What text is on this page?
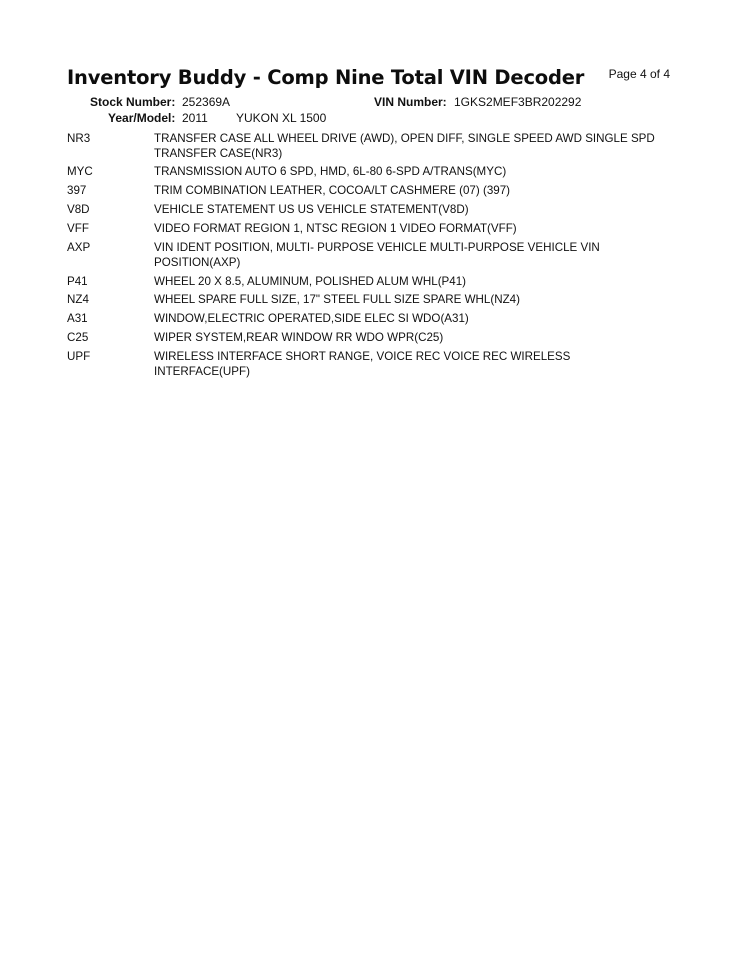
Inventory Buddy - Comp Nine Total VIN Decoder Page 4 of 4
Stock Number: 252369A	VIN Number: 1GKS2MEF3BR202292
Year/Model: 2011 YUKON XL 1500
NR3	TRANSFER CASE ALL WHEEL DRIVE (AWD), OPEN DIFF, SINGLE SPEED AWD SINGLE SPD TRANSFER CASE(NR3)
MYC	TRANSMISSION AUTO 6 SPD, HMD, 6L-80 6-SPD A/TRANS(MYC)
397	TRIM COMBINATION LEATHER, COCOA/LT CASHMERE (07) (397)
V8D	VEHICLE STATEMENT US US VEHICLE STATEMENT(V8D)
VFF	VIDEO FORMAT REGION 1, NTSC REGION 1 VIDEO FORMAT(VFF)
AXP	VIN IDENT POSITION, MULTI- PURPOSE VEHICLE MULTI-PURPOSE VEHICLE VIN POSITION(AXP)
P41	WHEEL 20 X 8.5, ALUMINUM, POLISHED ALUM WHL(P41)
NZ4	WHEEL SPARE FULL SIZE, 17" STEEL FULL SIZE SPARE WHL(NZ4)
A31	WINDOW,ELECTRIC OPERATED,SIDE ELEC SI WDO(A31)
C25	WIPER SYSTEM,REAR WINDOW RR WDO WPR(C25)
UPF	WIRELESS INTERFACE SHORT RANGE, VOICE REC VOICE REC WIRELESS INTERFACE(UPF)
